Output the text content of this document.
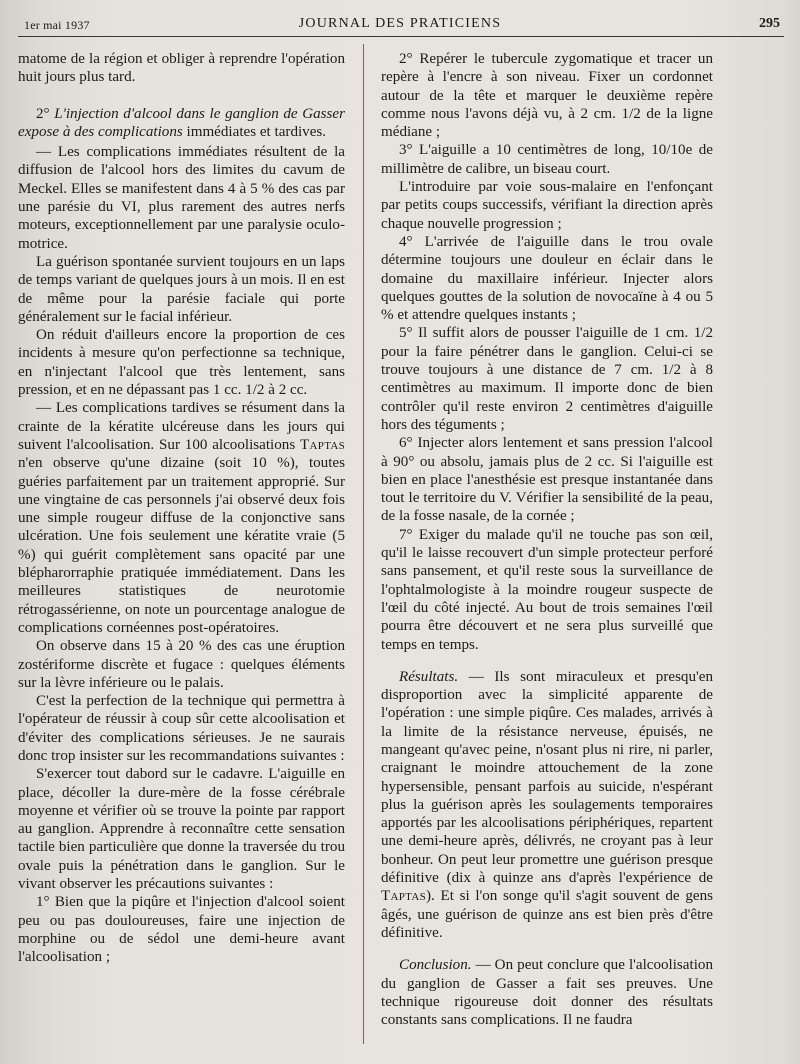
1er mai 1937	JOURNAL DES PRATICIENS	295

matome de la région et obliger à reprendre l'opération huit jours plus tard.

2° L'injection d'alcool dans le ganglion de Gasser expose à des complications immédiates et tardives.

— Les complications immédiates résultent de la diffusion de l'alcool hors des limites du cavum de Meckel. Elles se manifestent dans 4 à 5 % des cas par une parésie du VI, plus rarement des autres nerfs moteurs, exceptionnellement par une paralysie oculo-motrice.

La guérison spontanée survient toujours en un laps de temps variant de quelques jours à un mois. Il en est de même pour la parésie faciale qui porte généralement sur le facial inférieur.

On réduit d'ailleurs encore la proportion de ces incidents à mesure qu'on perfectionne sa technique, en n'injectant l'alcool que très lentement, sans pression, et en ne dépassant pas 1 cc. 1/2 à 2 cc.

— Les complications tardives se résument dans la crainte de la kératite ulcéreuse dans les jours qui suivent l'alcoolisation. Sur 100 alcoolisations Taptas n'en observe qu'une dizaine (soit 10 %), toutes guéries parfaitement par un traitement approprié. Sur une vingtaine de cas personnels j'ai observé deux fois une simple rougeur diffuse de la conjonctive sans ulcération. Une fois seulement une kératite vraie (5 %) qui guérit complètement sans opacité par une blépharorraphie pratiquée immédiatement. Dans les meilleures statistiques de neurotomie rétrogassérienne, on note un pourcentage analogue de complications cornéennes post-opératoires.

On observe dans 15 à 20 % des cas une éruption zostériforme discrète et fugace : quelques éléments sur la lèvre inférieure ou le palais.

C'est la perfection de la technique qui permettra à l'opérateur de réussir à coup sûr cette alcoolisation et d'éviter des complications sérieuses. Je ne saurais donc trop insister sur les recommandations suivantes :

S'exercer tout dabord sur le cadavre. L'aiguille en place, décoller la dure-mère de la fosse cérébrale moyenne et vérifier où se trouve la pointe par rapport au ganglion. Apprendre à reconnaître cette sensation tactile bien particulière que donne la traversée du trou ovale puis la pénétration dans le ganglion. Sur le vivant observer les précautions suivantes :

1° Bien que la piqûre et l'injection d'alcool soient peu ou pas douloureuses, faire une injection de morphine ou de sédol une demi-heure avant l'alcoolisation ;

2° Repérer le tubercule zygomatique et tracer un repère à l'encre à son niveau. Fixer un cordonnet autour de la tête et marquer le deuxième repère comme nous l'avons déjà vu, à 2 cm. 1/2 de la ligne médiane ;

3° L'aiguille a 10 centimètres de long, 10/10e de millimètre de calibre, un biseau court.

L'introduire par voie sous-malaire en l'enfonçant par petits coups successifs, vérifiant la direction après chaque nouvelle progression ;

4° L'arrivée de l'aiguille dans le trou ovale détermine toujours une douleur en éclair dans le domaine du maxillaire inférieur. Injecter alors quelques gouttes de la solution de novocaïne à 4 ou 5 % et attendre quelques instants ;

5° Il suffit alors de pousser l'aiguille de 1 cm. 1/2 pour la faire pénétrer dans le ganglion. Celui-ci se trouve toujours à une distance de 7 cm. 1/2 à 8 centimètres au maximum. Il importe donc de bien contrôler qu'il reste environ 2 centimètres d'aiguille hors des téguments ;

6° Injecter alors lentement et sans pression l'alcool à 90° ou absolu, jamais plus de 2 cc. Si l'aiguille est bien en place l'anesthésie est presque instantanée dans tout le territoire du V. Vérifier la sensibilité de la peau, de la fosse nasale, de la cornée ;

7° Exiger du malade qu'il ne touche pas son œil, qu'il le laisse recouvert d'un simple protecteur perforé sans pansement, et qu'il reste sous la surveillance de l'ophtalmologiste à la moindre rougeur suspecte de l'œil du côté injecté. Au bout de trois semaines l'œil pourra être découvert et ne sera plus surveillé que temps en temps.

Résultats. — Ils sont miraculeux et presqu'en disproportion avec la simplicité apparente de l'opération : une simple piqûre. Ces malades, arrivés à la limite de la résistance nerveuse, épuisés, ne mangeant qu'avec peine, n'osant plus ni rire, ni parler, craignant le moindre attouchement de la zone hypersensible, pensant parfois au suicide, n'espérant plus la guérison après les soulagements temporaires apportés par les alcoolisations périphériques, repartent une demi-heure après, délivrés, ne croyant pas à leur bonheur. On peut leur promettre une guérison presque définitive (dix à quinze ans d'après l'expérience de Taptas). Et si l'on songe qu'il s'agit souvent de gens âgés, une guérison de quinze ans est bien près d'être définitive.

Conclusion. — On peut conclure que l'alcoolisation du ganglion de Gasser a fait ses preuves. Une technique rigoureuse doit donner des résultats constants sans complications. Il ne faudra
